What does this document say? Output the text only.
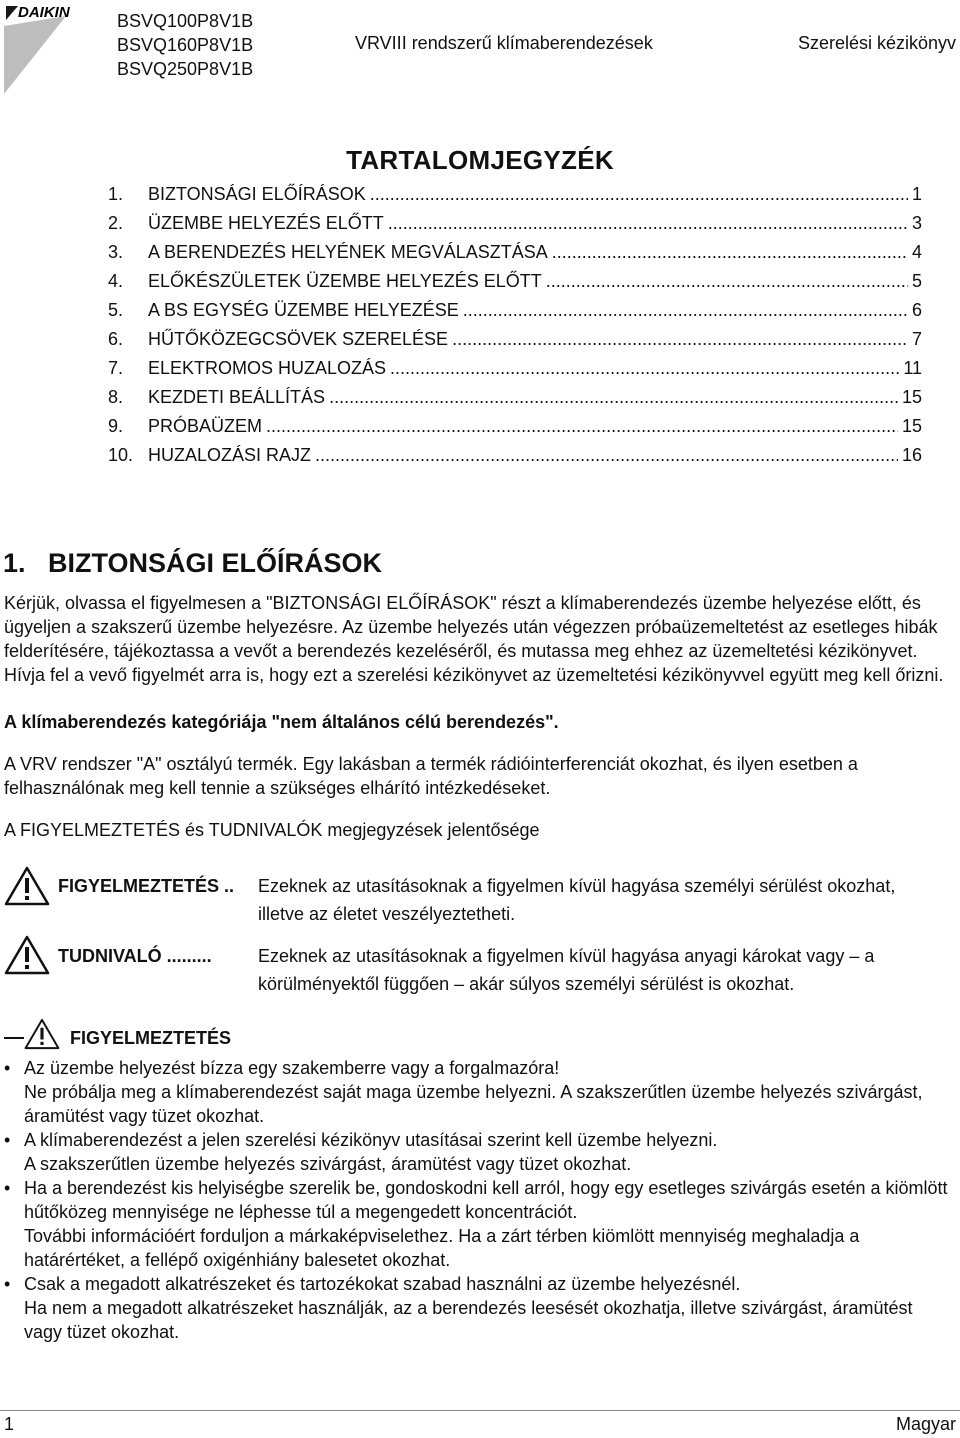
DAIKIN	BSVQ100P8V1B
BSVQ160P8V1B
BSVQ250P8V1B
VRVIII rendszerű klímaberendezések	Szerelési kézikönyv
TARTALOMJEGYZÉK
1.	BIZTONSÁGI ELŐÍRÁSOK .....	1
2.	ÜZEMBE HELYEZÉS ELŐTT .....	3
3.	A BERENDEZÉS HELYÉNEK MEGVÁLASZTÁSA .....	4
4.	ELŐKÉSZÜLETEK ÜZEMBE HELYEZÉS ELŐTT .....	5
5.	A BS EGYSÉG ÜZEMBE HELYEZÉSE .....	6
6.	HŰTŐKÖZEGCSÖVEK SZERELÉSE .....	7
7.	ELEKTROMOS HUZALOZÁS .....	11
8.	KEZDETI BEÁLLÍTÁS .....	15
9.	PRÓBAÜZEM .....	15
10. HUZALOZÁSI RAJZ .....	16
1. BIZTONSÁGI ELŐÍRÁSOK
Kérjük, olvassa el figyelmesen a "BIZTONSÁGI ELŐÍRÁSOK" részt a klímaberendezés üzembe helyezése előtt, és ügyeljen a szakszerű üzembe helyezésre. Az üzembe helyezés után végezzen próbaüzemeltetést az esetleges hibák felderítésére, tájékoztassa a vevőt a berendezés kezeléséről, és mutassa meg ehhez az üzemeltetési kézikönyvet. Hívja fel a vevő figyelmét arra is, hogy ezt a szerelési kézikönyvet az üzemeltetési kézikönyvvel együtt meg kell őrizni.
A klímaberendezés kategóriája "nem általános célú berendezés".
A VRV rendszer "A" osztályú termék. Egy lakásban a termék rádióinterferenciát okozhat, és ilyen esetben a felhasználónak meg kell tennie a szükséges elhárító intézkedéseket.
A FIGYELMEZTETÉS és TUDNIVALÓK megjegyzések jelentősége
FIGYELMEZTETÉS .. Ezeknek az utasításoknak a figyelmen kívül hagyása személyi sérülést okozhat, illetve az életet veszélyeztetheti.
TUDNIVALÓ .........	Ezeknek az utasításoknak a figyelmen kívül hagyása anyagi károkat vagy – a körülményektől függően – akár súlyos személyi sérülést is okozhat.
FIGYELMEZTETÉS
• Az üzembe helyezést bízza egy szakemberre vagy a forgalmazóra!
Ne próbálja meg a klímaberendezést saját maga üzembe helyezni. A szakszerűtlen üzembe helyezés szivárgást, áramütést vagy tüzet okozhat.
• A klímaberendezést a jelen szerelési kézikönyv utasításai szerint kell üzembe helyezni.
A szakszerűtlen üzembe helyezés szivárgást, áramütést vagy tüzet okozhat.
• Ha a berendezést kis helyiségbe szerelik be, gondoskodni kell arról, hogy egy esetleges szivárgás esetén a kiömlött hűtőközeg mennyisége ne léphesse túl a megengedett koncentrációt.
További információért forduljon a márkaképviselethez. Ha a zárt térben kiömlött mennyiség meghaladja a határértéket, a fellépő oxigénhiány balesetet okozhat.
• Csak a megadott alkatrészeket és tartozékokat szabad használni az üzembe helyezésnél.
Ha nem a megadott alkatrészeket használják, az a berendezés leesését okozhatja, illetve szivárgást, áramütést vagy tüzet okozhat.
1	Magyar
